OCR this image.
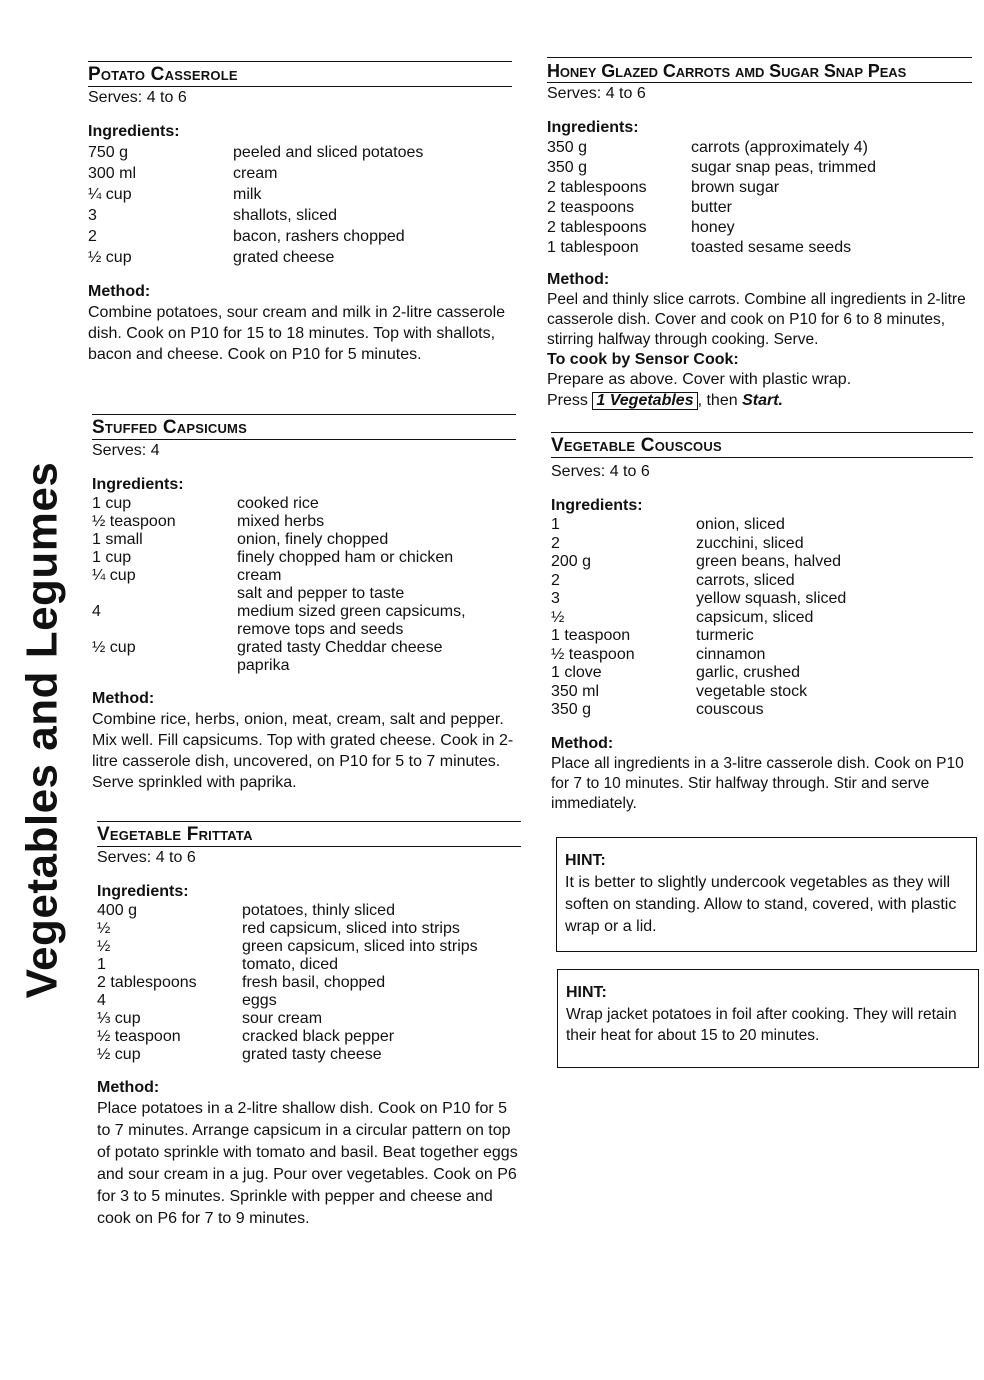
Vegetables and Legumes
Potato Casserole
Serves: 4 to 6
Ingredients:
750 g	peeled and sliced potatoes
300 ml	cream
¼ cup	milk
3	shallots, sliced
2	bacon, rashers chopped
½ cup	grated cheese
Method:
Combine potatoes, sour cream and milk in 2-litre casserole dish. Cook on P10 for 15 to 18 minutes. Top with shallots, bacon and cheese. Cook on P10 for 5 minutes.
Stuffed Capsicums
Serves: 4
Ingredients:
1 cup	cooked rice
½ teaspoon	mixed herbs
1 small	onion, finely chopped
1 cup	finely chopped ham or chicken
¼ cup	cream
salt and pepper to taste
4	medium sized green capsicums,
remove tops and seeds
½ cup	grated tasty Cheddar cheese
paprika
Method:
Combine rice, herbs, onion, meat, cream, salt and pepper. Mix well. Fill capsicums. Top with grated cheese. Cook in 2-litre casserole dish, uncovered, on P10 for 5 to 7 minutes. Serve sprinkled with paprika.
Vegetable Frittata
Serves: 4 to 6
Ingredients:
400 g	potatoes, thinly sliced
½	red capsicum, sliced into strips
½	green capsicum, sliced into strips
1	tomato, diced
2 tablespoons	fresh basil, chopped
4	eggs
⅓ cup	sour cream
½ teaspoon	cracked black pepper
½ cup	grated tasty cheese
Method:
Place potatoes in a 2-litre shallow dish. Cook on P10 for 5 to 7 minutes. Arrange capsicum in a circular pattern on top of potato sprinkle with tomato and basil. Beat together eggs and sour cream in a jug. Pour over vegetables. Cook on P6 for 3 to 5 minutes. Sprinkle with pepper and cheese and cook on P6 for 7 to 9 minutes.
Honey Glazed Carrots amd Sugar Snap Peas
Serves: 4 to 6
Ingredients:
350 g	carrots (approximately 4)
350 g	sugar snap peas, trimmed
2 tablespoons	brown sugar
2 teaspoons	butter
2 tablespoons	honey
1 tablespoon	toasted sesame seeds
Method:
Peel and thinly slice carrots. Combine all ingredients in 2-litre casserole dish. Cover and cook on P10 for 6 to 8 minutes, stirring halfway through cooking. Serve.
To cook by Sensor Cook:
Prepare as above. Cover with plastic wrap.
Press 1 Vegetables , then Start.
Vegetable Couscous
Serves: 4 to 6
Ingredients:
1	onion, sliced
2	zucchini, sliced
200 g	green beans, halved
2	carrots, sliced
3	yellow squash, sliced
½	capsicum, sliced
1 teaspoon	turmeric
½ teaspoon	cinnamon
1 clove	garlic, crushed
350 ml	vegetable stock
350 g	couscous
Method:
Place all ingredients in a 3-litre casserole dish. Cook on P10 for 7 to 10 minutes. Stir halfway through. Stir and serve immediately.
HINT:
It is better to slightly undercook vegetables as they will soften on standing. Allow to stand, covered, with plastic wrap or a lid.
HINT:
Wrap jacket potatoes in foil after cooking. They will retain their heat for about 15 to 20 minutes.
